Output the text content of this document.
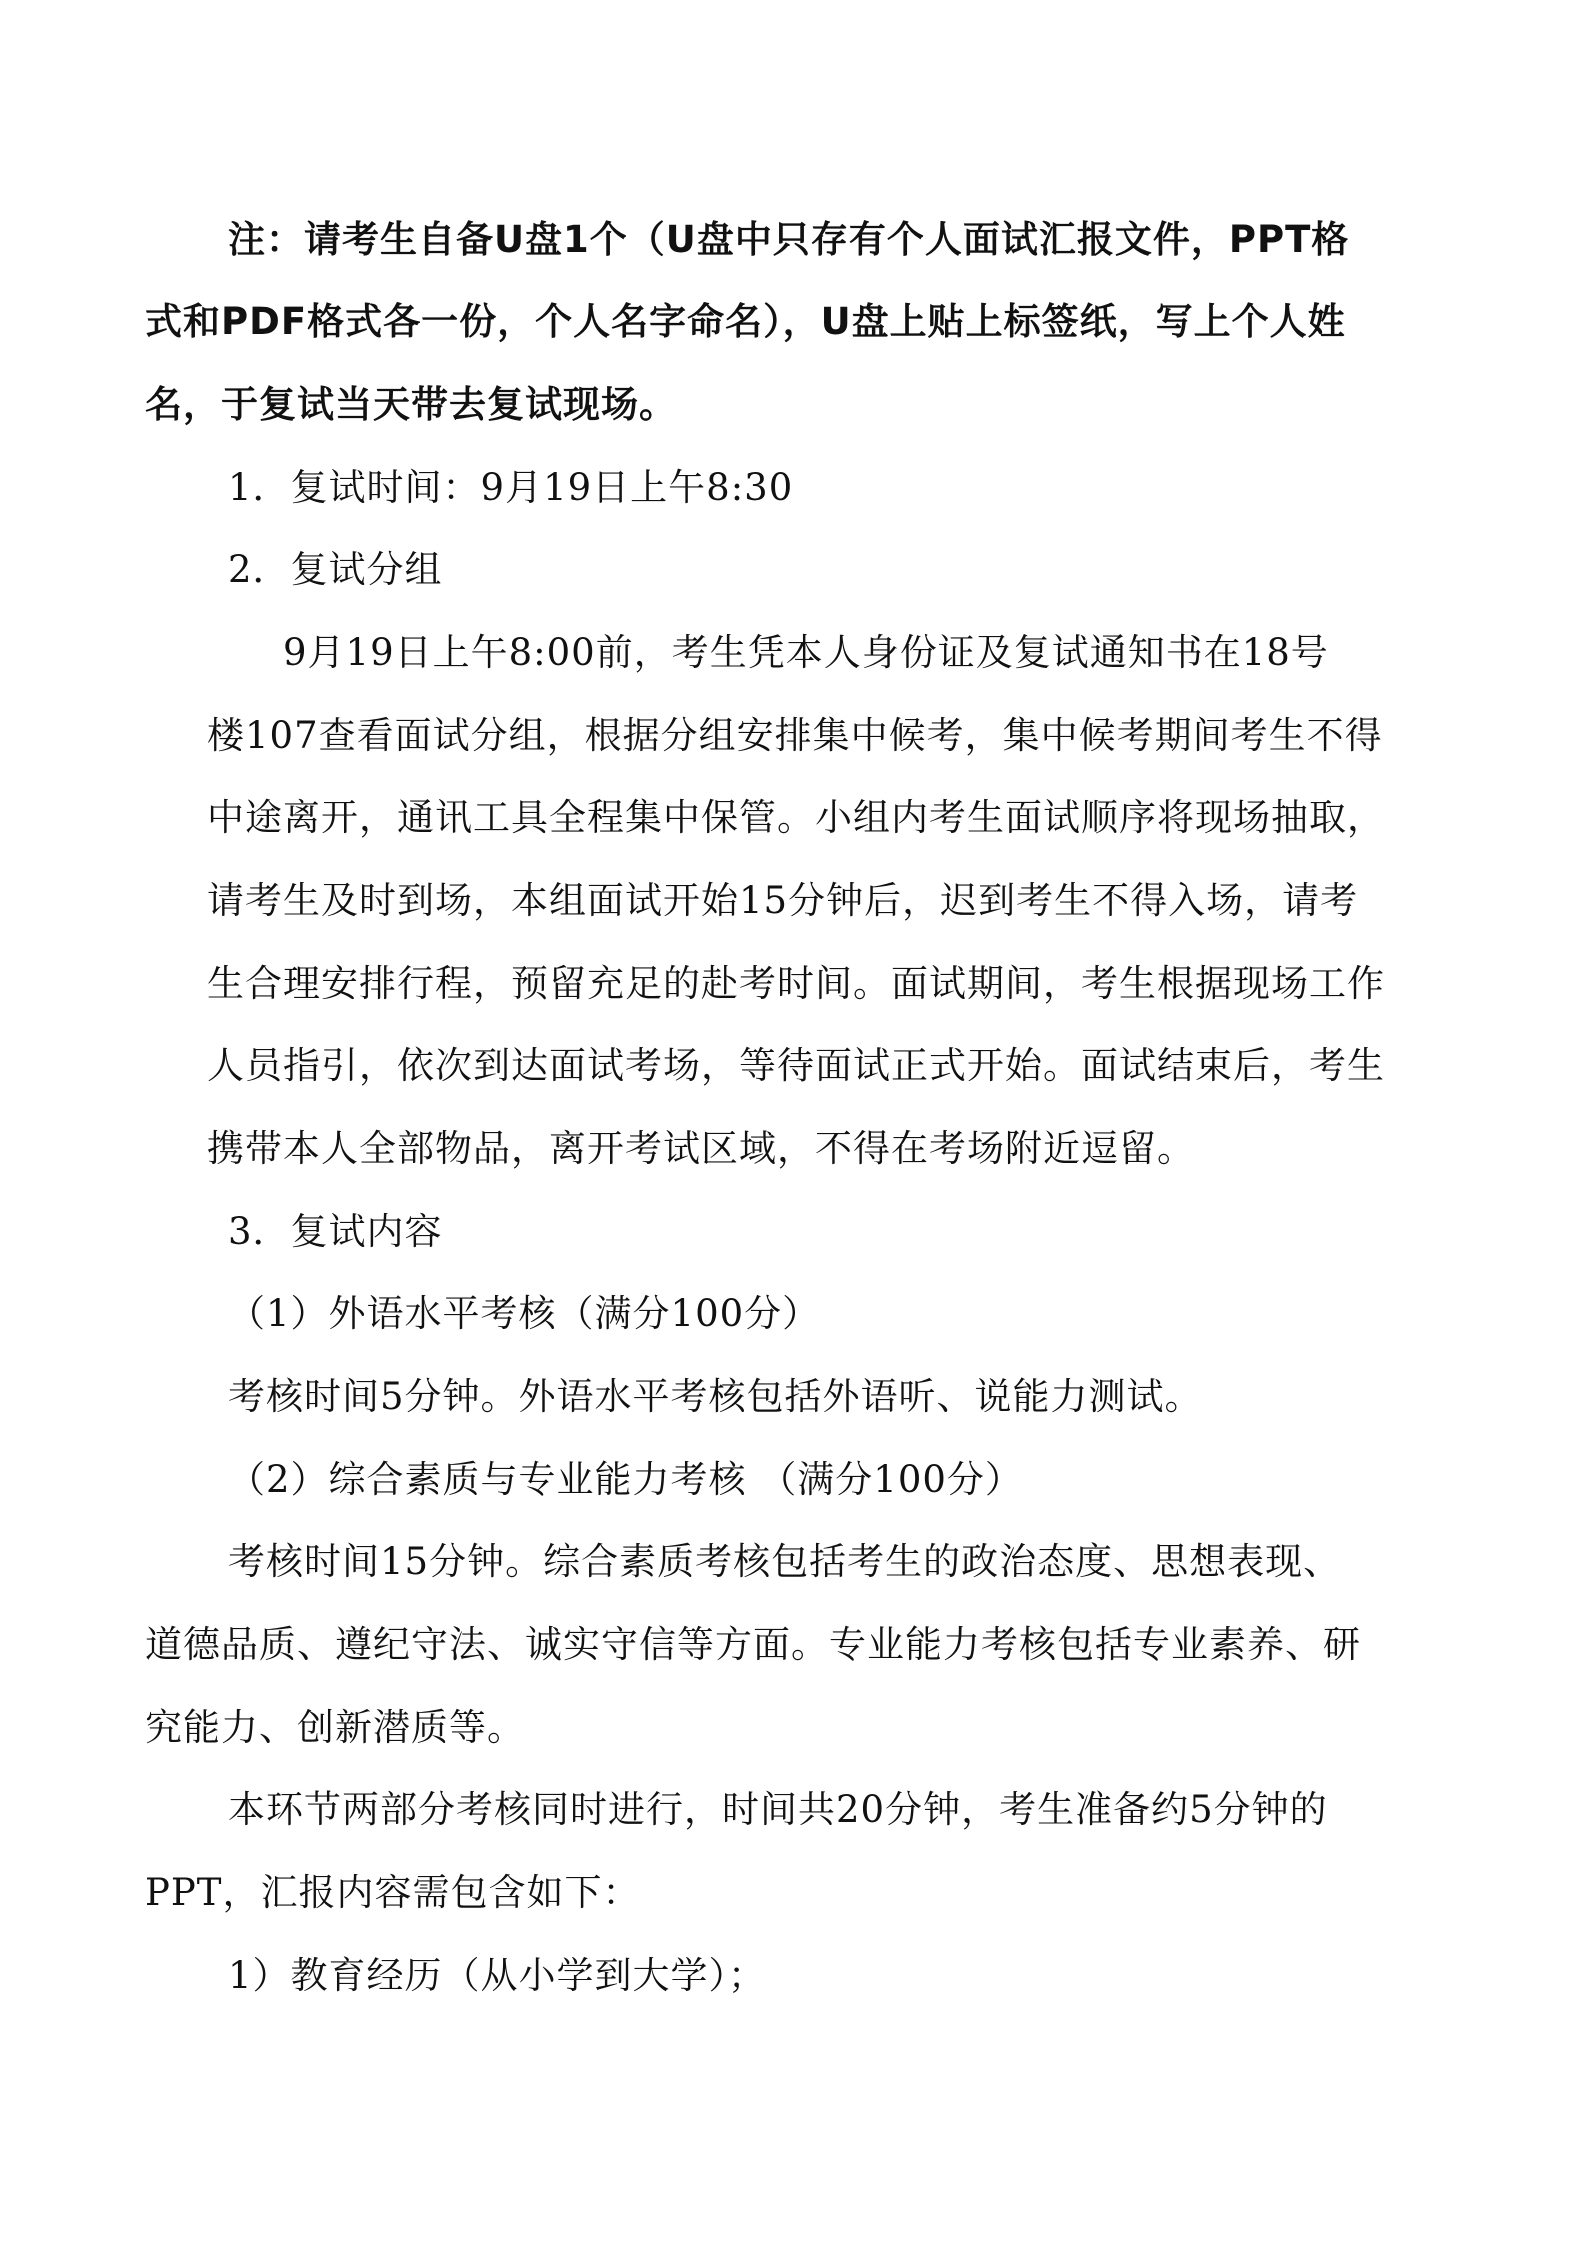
注：请考生自备U盘1个（U盘中只存有个人面试汇报文件，PPT格
式和PDF格式各一份，个人名字命名），U盘上贴上标签纸，写上个人姓
名，于复试当天带去复试现场。
1．复试时间：9月19日上午8:30
2．复试分组
9月19日上午8:00前，考生凭本人身份证及复试通知书在18号
楼107查看面试分组，根据分组安排集中候考，集中候考期间考生不得
中途离开，通讯工具全程集中保管。小组内考生面试顺序将现场抽取，
请考生及时到场，本组面试开始15分钟后，迟到考生不得入场，请考
生合理安排行程，预留充足的赴考时间。面试期间，考生根据现场工作
人员指引，依次到达面试考场，等待面试正式开始。面试结束后，考生
携带本人全部物品，离开考试区域，不得在考场附近逗留。
3．复试内容
（1）外语水平考核（满分100分）
考核时间5分钟。外语水平考核包括外语听、说能力测试。
（2）综合素质与专业能力考核 （满分100分）
考核时间15分钟。综合素质考核包括考生的政治态度、思想表现、
道德品质、遵纪守法、诚实守信等方面。专业能力考核包括专业素养、研
究能力、创新潜质等。
本环节两部分考核同时进行，时间共20分钟，考生准备约5分钟的
PPT，汇报内容需包含如下：
1）教育经历（从小学到大学）；
